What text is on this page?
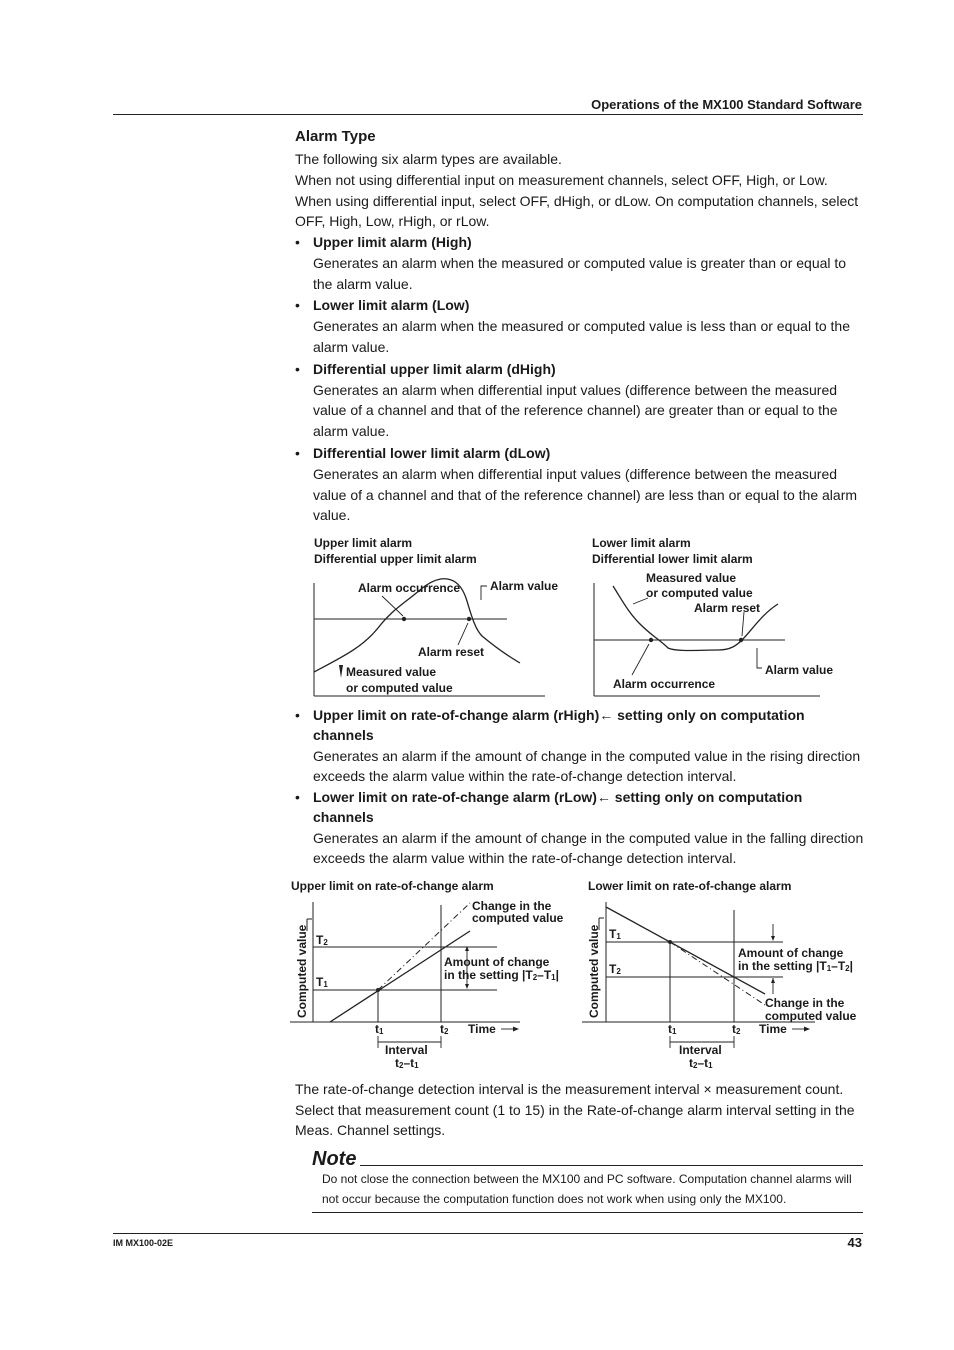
Operations of the MX100 Standard Software
Alarm Type

The following six alarm types are available.

When not using differential input on measurement channels, select OFF, High, or Low.

When using differential input, select OFF, dHigh, or dLow. On computation channels, select OFF, High, Low, rHigh, or rLow.

• Upper limit alarm (High)

Generates an alarm when the measured or computed value is greater than or equal to the alarm value.

• Lower limit alarm (Low)

Generates an alarm when the measured or computed value is less than or equal to the alarm value.

• Differential upper limit alarm (dHigh)

Generates an alarm when differential input values (difference between the measured value of a channel and that of the reference channel) are greater than or equal to the alarm value.

• Differential lower limit alarm (dLow)

Generates an alarm when differential input values (difference between the measured value of a channel and that of the reference channel) are less than or equal to the alarm value.

Upper limit alarm
Differential upper limit alarm
Alarm occurrence Alarm value
Alarm reset
Measured value
or computed value
Lower limit alarm
Differential lower limit alarm
Measured value
or computed value
Alarm reset
Alarm value
Alarm occurrence
• Upper limit on rate-of-change alarm (rHigh)← setting only on computation channels

Generates an alarm if the amount of change in the computed value in the rising direction exceeds the alarm value within the rate-of-change detection interval.

• Lower limit on rate-of-change alarm (rLow)← setting only on computation channels

Generates an alarm if the amount of change in the computed value in the falling direction exceeds the alarm value within the rate-of-change detection interval.

Upper limit on rate-of-change alarm
Computed value T2
T1
Change in the
computed value
Amount of change
in the setting |T2–T1|
t1	t2 Time
Interval
t2–t1
Lower limit on rate-of-change alarm
Computed value T1
T2
Amount of change
in the setting |T1–T2|
Change in the
computed value
t1	t2 Time
Interval
t2–t1
The rate-of-change detection interval is the measurement interval × measurement count. Select that measurement count (1 to 15) in the Rate-of-change alarm interval setting in the Meas. Channel settings.
Note
Do not close the connection between the MX100 and PC software. Computation channel alarms will not occur because the computation function does not work when using only the MX100.
IM MX100-02E	43
